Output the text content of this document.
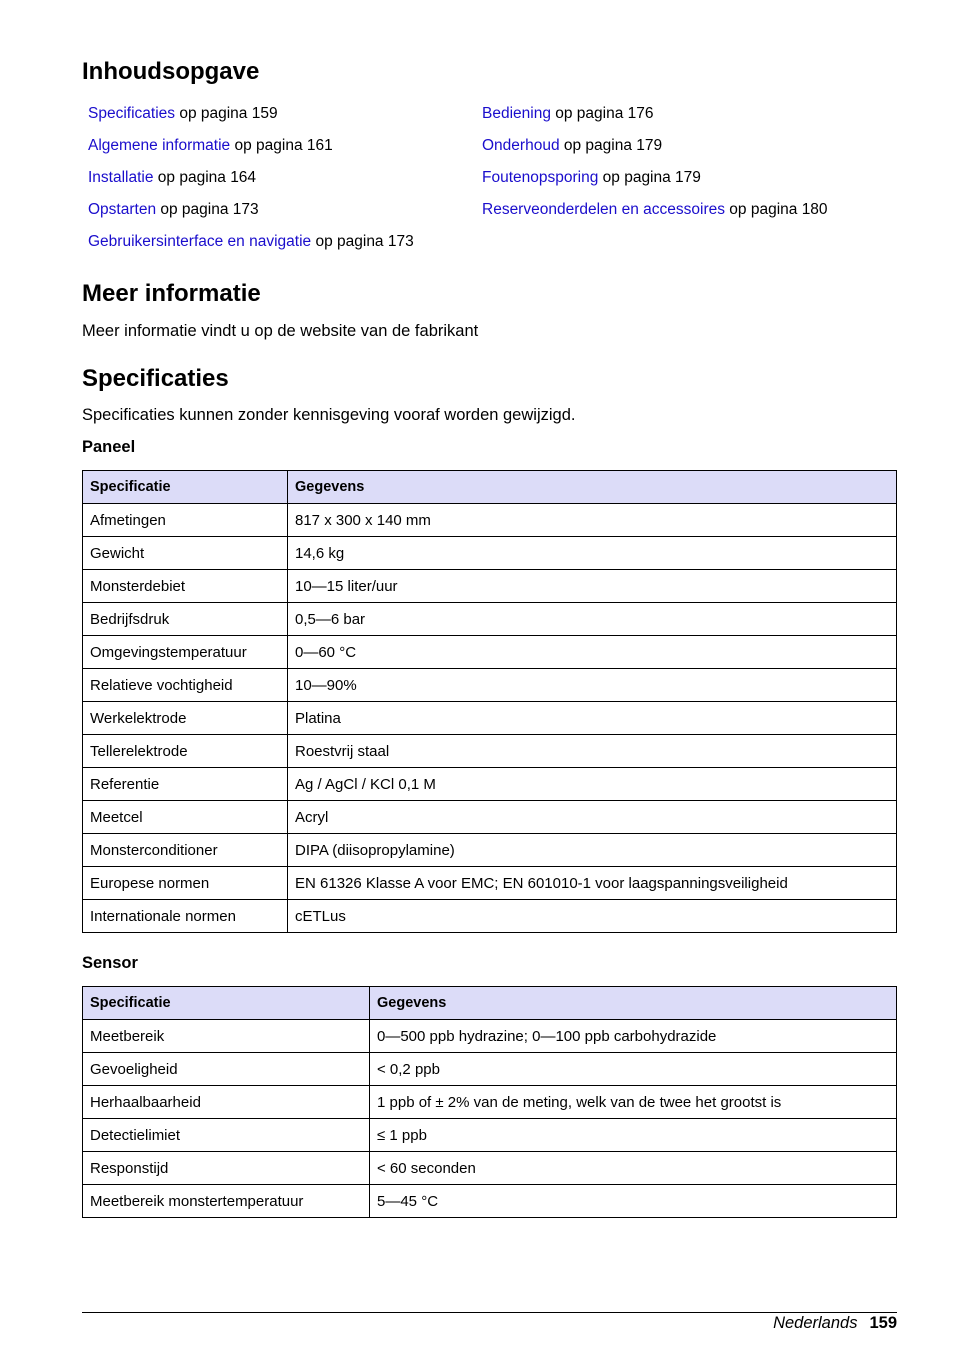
Inhoudsopgave
Specificaties op pagina 159
Algemene informatie op pagina 161
Installatie op pagina 164
Opstarten op pagina 173
Gebruikersinterface en navigatie op pagina 173
Bediening op pagina 176
Onderhoud op pagina 179
Foutenopsporing op pagina 179
Reserveonderdelen en accessoires op pagina 180
Meer informatie
Meer informatie vindt u op de website van de fabrikant
Specificaties
Specificaties kunnen zonder kennisgeving vooraf worden gewijzigd.
Paneel
Specificatie	Gegevens
Afmetingen	817 x 300 x 140 mm
Gewicht	14,6 kg
Monsterdebiet	10—15 liter/uur
Bedrijfsdruk	0,5—6 bar
Omgevingstemperatuur	0—60 °C
Relatieve vochtigheid	10—90%
Werkelektrode	Platina
Tellerelektrode	Roestvrij staal
Referentie	Ag / AgCl / KCl 0,1 M
Meetcel	Acryl
Monsterconditioner	DIPA (diisopropylamine)
Europese normen	EN 61326 Klasse A voor EMC; EN 601010-1 voor laagspanningsveiligheid
Internationale normen	cETLus
Sensor
Specificatie	Gegevens
Meetbereik	0—500 ppb hydrazine; 0—100 ppb carbohydrazide
Gevoeligheid	< 0,2 ppb
Herhaalbaarheid	1 ppb of ± 2% van de meting, welk van de twee het grootst is
Detectielimiet	≤ 1 ppb
Responstijd	< 60 seconden
Meetbereik monstertemperatuur	5—45 °C
Nederlands 159
